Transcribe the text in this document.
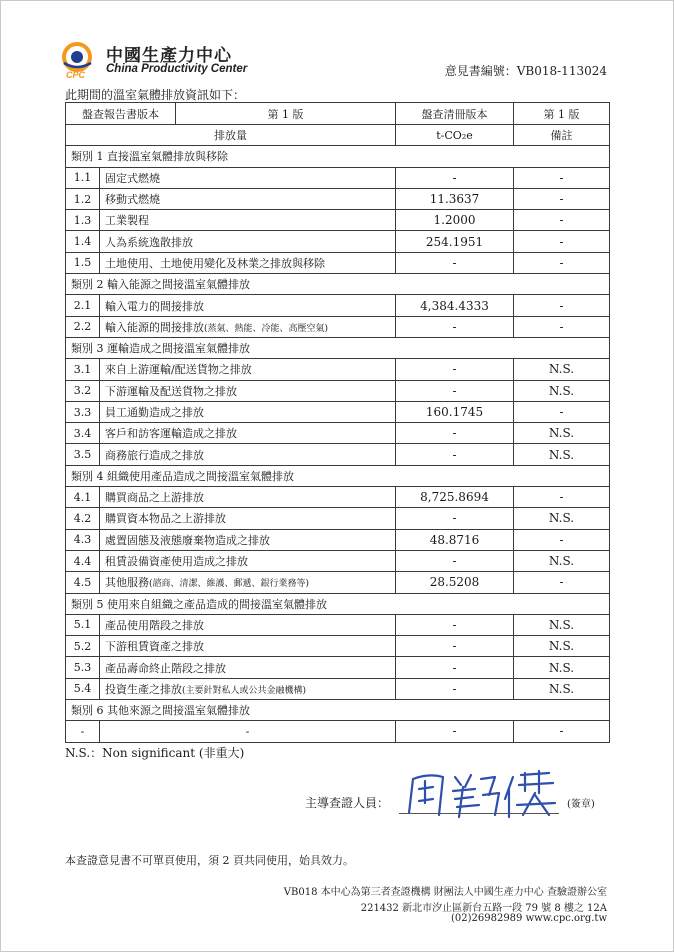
CPC
中國生產力中心
China Productivity Center	意見書編號：VB018-113024
此期間的溫室氣體排放資訊如下：
盤查報告書版本 第 1 版		盤查清冊版本	第 1 版
排放量		t-CO₂e	備註
類別 1 直接溫室氣體排放與移除			
1.1	固定式燃燒	-	-
1.2	移動式燃燒	11.3637	-
1.3	工業製程	1.2000	-
1.4	人為系統逸散排放	254.1951	-
1.5	土地使用、土地使用變化及林業之排放與移除	-	-
類別 2 輸入能源之間接溫室氣體排放			
2.1	輸入電力的間接排放	4,384.4333	-
2.2	輸入能源的間接排放(蒸氣、熱能、冷能、高壓空氣)	-	-
類別 3 運輸造成之間接溫室氣體排放			
3.1	來自上游運輸/配送貨物之排放	-	N.S.
3.2	下游運輸及配送貨物之排放	-	N.S.
3.3	員工通勤造成之排放	160.1745	-
3.4	客戶和訪客運輸造成之排放	-	N.S.
3.5	商務旅行造成之排放	-	N.S.
類別 4 組織使用產品造成之間接溫室氣體排放			
4.1	購買商品之上游排放	8,725.8694	-
4.2	購買資本物品之上游排放	-	N.S.
4.3	處置固態及液態廢棄物造成之排放	48.8716	-
4.4	租賃設備資產使用造成之排放	-	N.S.
4.5	其他服務(諮商、清潔、維護、郵遞、銀行業務等)	28.5208	-
類別 5 使用來自組織之產品造成的間接溫室氣體排放			
5.1	產品使用階段之排放	-	N.S.
5.2	下游租賃資產之排放	-	N.S.
5.3	產品壽命終止階段之排放	-	N.S.
5.4	投資生產之排放(主要針對私人或公共金融機構)	-	N.S.
類別 6 其他來源之間接溫室氣體排放			
-	-	-	-
N.S.：Non significant (非重大)
主導查證人員：	(簽章)
本查證意見書不可單頁使用，須 2 頁共同使用，始具效力。
VB018 本中心為第三者查證機構 財團法人中國生產力中心 查驗證辦公室
221432 新北市汐止區新台五路一段 79 號 8 樓之 12A
(02)26982989 www.cpc.org.tw
